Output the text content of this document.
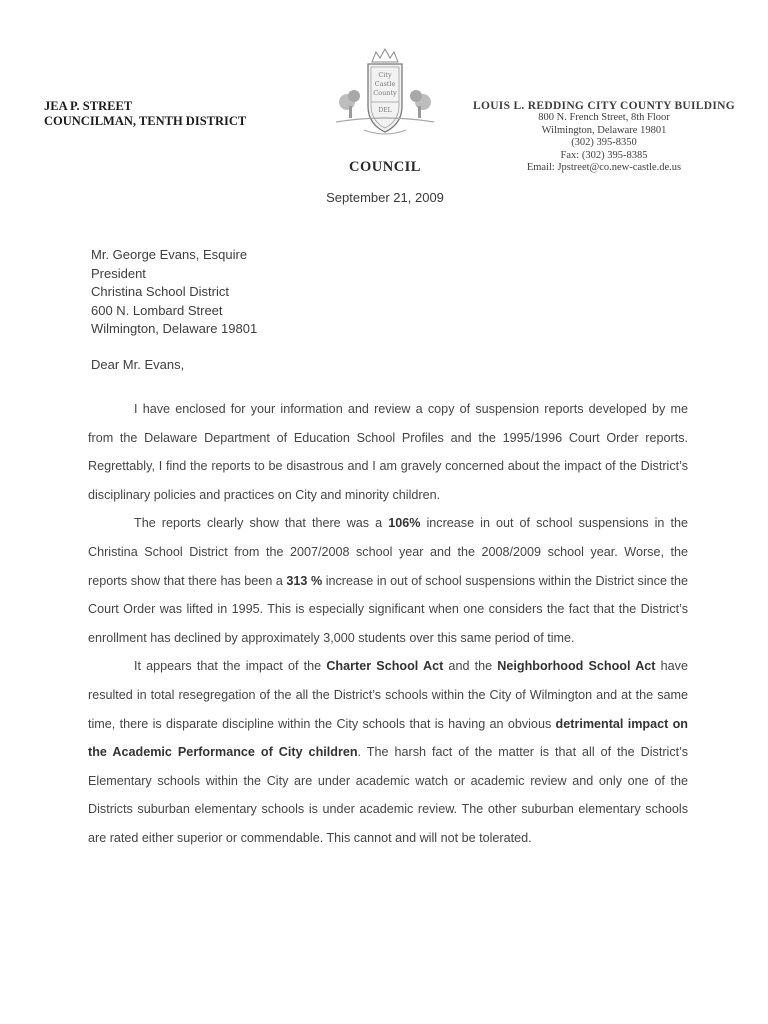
JEA P. STREET
COUNCILMAN, TENTH DISTRICT
City
Castle
County
DEL
COUNCIL
September 21, 2009
LOUIS L. REDDING CITY COUNTY BUILDING
800 N. French Street, 8th Floor
Wilmington, Delaware 19801
(302) 395-8350
Fax: (302) 395-8385
Email: Jpstreet@co.new-castle.de.us
Mr. George Evans, Esquire
President
Christina School District
600 N. Lombard Street
Wilmington, Delaware 19801
Dear Mr. Evans,

I have enclosed for your information and review a copy of suspension reports developed by me from the Delaware Department of Education School Profiles and the 1995/1996 Court Order reports. Regrettably, I find the reports to be disastrous and I am gravely concerned about the impact of the District’s disciplinary policies and practices on City and minority children.

The reports clearly show that there was a 106% increase in out of school suspensions in the Christina School District from the 2007/2008 school year and the 2008/2009 school year. Worse, the reports show that there has been a 313 % increase in out of school suspensions within the District since the Court Order was lifted in 1995. This is especially significant when one considers the fact that the District’s enrollment has declined by approximately 3,000 students over this same period of time.

It appears that the impact of the Charter School Act and the Neighborhood School Act have resulted in total resegregation of the all the District’s schools within the City of Wilmington and at the same time, there is disparate discipline within the City schools that is having an obvious detrimental impact on the Academic Performance of City children. The harsh fact of the matter is that all of the District’s Elementary schools within the City are under academic watch or academic review and only one of the Districts suburban elementary schools is under academic review. The other suburban elementary schools are rated either superior or commendable. This cannot and will not be tolerated.
